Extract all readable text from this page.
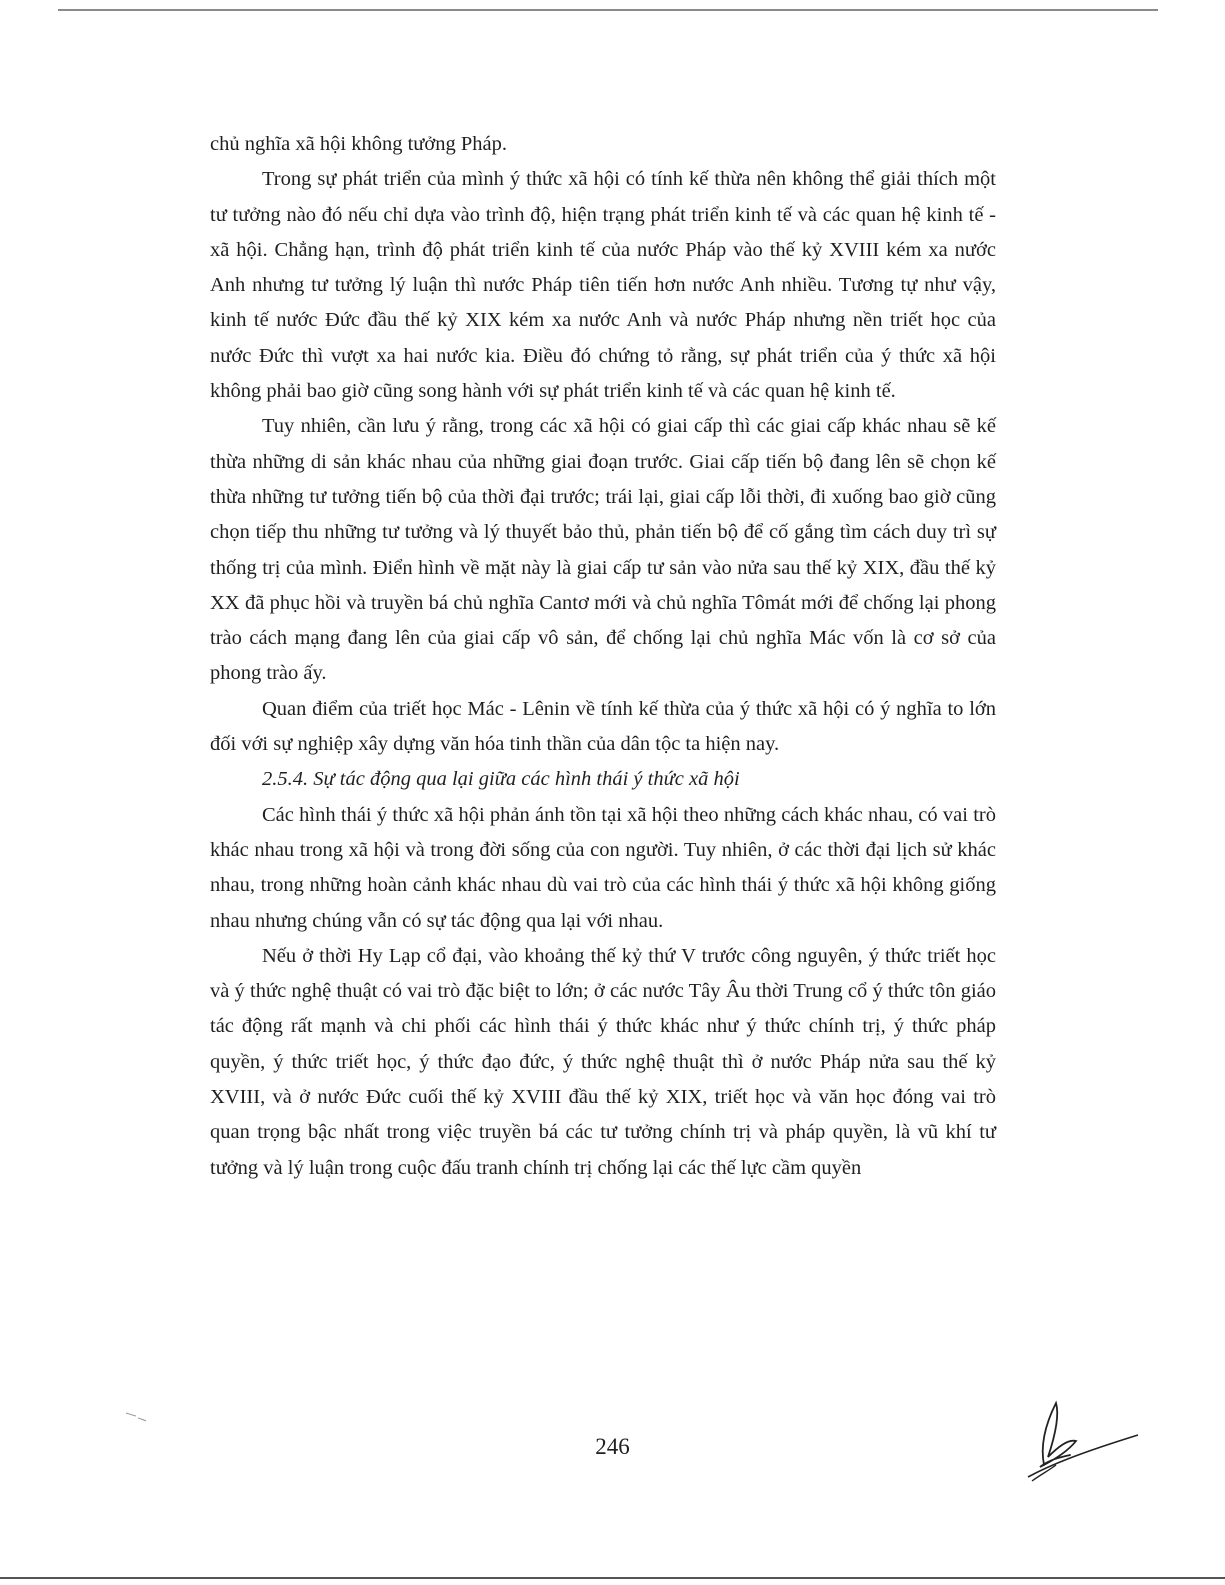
chủ nghĩa xã hội không tưởng Pháp.

Trong sự phát triển của mình ý thức xã hội có tính kế thừa nên không thể giải thích một tư tưởng nào đó nếu chỉ dựa vào trình độ, hiện trạng phát triển kinh tế và các quan hệ kinh tế - xã hội. Chẳng hạn, trình độ phát triển kinh tế của nước Pháp vào thế kỷ XVIII kém xa nước Anh nhưng tư tưởng lý luận thì nước Pháp tiên tiến hơn nước Anh nhiều. Tương tự như vậy, kinh tế nước Đức đầu thế kỷ XIX kém xa nước Anh và nước Pháp nhưng nền triết học của nước Đức thì vượt xa hai nước kia. Điều đó chứng tỏ rằng, sự phát triển của ý thức xã hội không phải bao giờ cũng song hành với sự phát triển kinh tế và các quan hệ kinh tế.

Tuy nhiên, cần lưu ý rằng, trong các xã hội có giai cấp thì các giai cấp khác nhau sẽ kế thừa những di sản khác nhau của những giai đoạn trước. Giai cấp tiến bộ đang lên sẽ chọn kế thừa những tư tưởng tiến bộ của thời đại trước; trái lại, giai cấp lỗi thời, đi xuống bao giờ cũng chọn tiếp thu những tư tưởng và lý thuyết bảo thủ, phản tiến bộ để cố gắng tìm cách duy trì sự thống trị của mình. Điển hình về mặt này là giai cấp tư sản vào nửa sau thế kỷ XIX, đầu thế kỷ XX đã phục hồi và truyền bá chủ nghĩa Cantơ mới và chủ nghĩa Tômát mới để chống lại phong trào cách mạng đang lên của giai cấp vô sản, để chống lại chủ nghĩa Mác vốn là cơ sở của phong trào ấy.

Quan điểm của triết học Mác - Lênin về tính kế thừa của ý thức xã hội có ý nghĩa to lớn đối với sự nghiệp xây dựng văn hóa tinh thần của dân tộc ta hiện nay.

2.5.4. Sự tác động qua lại giữa các hình thái ý thức xã hội

Các hình thái ý thức xã hội phản ánh tồn tại xã hội theo những cách khác nhau, có vai trò khác nhau trong xã hội và trong đời sống của con người. Tuy nhiên, ở các thời đại lịch sử khác nhau, trong những hoàn cảnh khác nhau dù vai trò của các hình thái ý thức xã hội không giống nhau nhưng chúng vẫn có sự tác động qua lại với nhau.

Nếu ở thời Hy Lạp cổ đại, vào khoảng thế kỷ thứ V trước công nguyên, ý thức triết học và ý thức nghệ thuật có vai trò đặc biệt to lớn; ở các nước Tây Âu thời Trung cổ ý thức tôn giáo tác động rất mạnh và chi phối các hình thái ý thức khác như ý thức chính trị, ý thức pháp quyền, ý thức triết học, ý thức đạo đức, ý thức nghệ thuật thì ở nước Pháp nửa sau thế kỷ XVIII, và ở nước Đức cuối thế kỷ XVIII đầu thế kỷ XIX, triết học và văn học đóng vai trò quan trọng bậc nhất trong việc truyền bá các tư tưởng chính trị và pháp quyền, là vũ khí tư tưởng và lý luận trong cuộc đấu tranh chính trị chống lại các thế lực cầm quyền

246
